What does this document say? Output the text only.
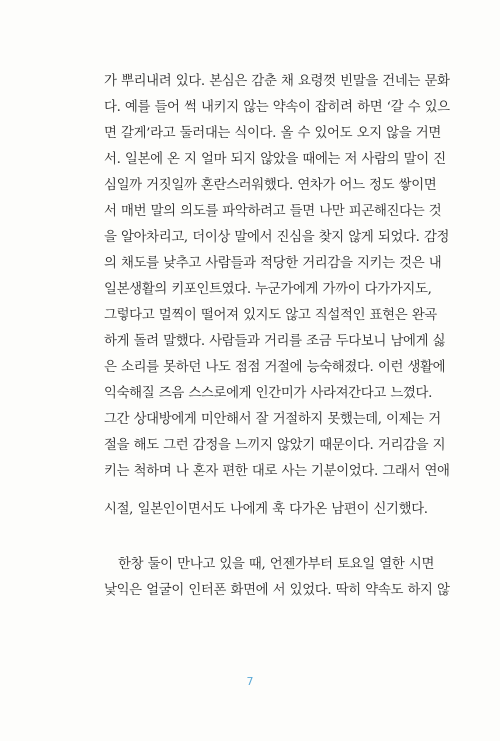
가 뿌리내려 있다. 본심은 감춘 채 요령껏 빈말을 건네는 문화
다. 예를 들어 썩 내키지 않는 약속이 잡히려 하면 ‘갈 수 있으
면 갈게’라고 둘러대는 식이다. 올 수 있어도 오지 않을 거면
서. 일본에 온 지 얼마 되지 않았을 때에는 저 사람의 말이 진
심일까 거짓일까 혼란스러워했다. 연차가 어느 정도 쌓이면
서 매번 말의 의도를 파악하려고 들면 나만 피곤해진다는 것
을 알아차리고, 더이상 말에서 진심을 찾지 않게 되었다. 감정
의 채도를 낮추고 사람들과 적당한 거리감을 지키는 것은 내
일본생활의 키포인트였다. 누군가에게 가까이 다가가지도,
그렇다고 멀찍이 떨어져 있지도 않고 직설적인 표현은 완곡
하게 돌려 말했다. 사람들과 거리를 조금 두다보니 남에게 싫
은 소리를 못하던 나도 점점 거절에 능숙해졌다. 이런 생활에
익숙해질 즈음 스스로에게 인간미가 사라져간다고 느꼈다.
그간 상대방에게 미안해서 잘 거절하지 못했는데, 이제는 거
절을 해도 그런 감정을 느끼지 않았기 때문이다. 거리감을 지
키는 척하며 나 혼자 편한 대로 사는 기분이었다. 그래서 연애
시절, 일본인이면서도 나에게 훅 다가온 남편이 신기했다.
한창 둘이 만나고 있을 때, 언젠가부터 토요일 열한 시면
낯익은 얼굴이 인터폰 화면에 서 있었다. 딱히 약속도 하지 않
7
